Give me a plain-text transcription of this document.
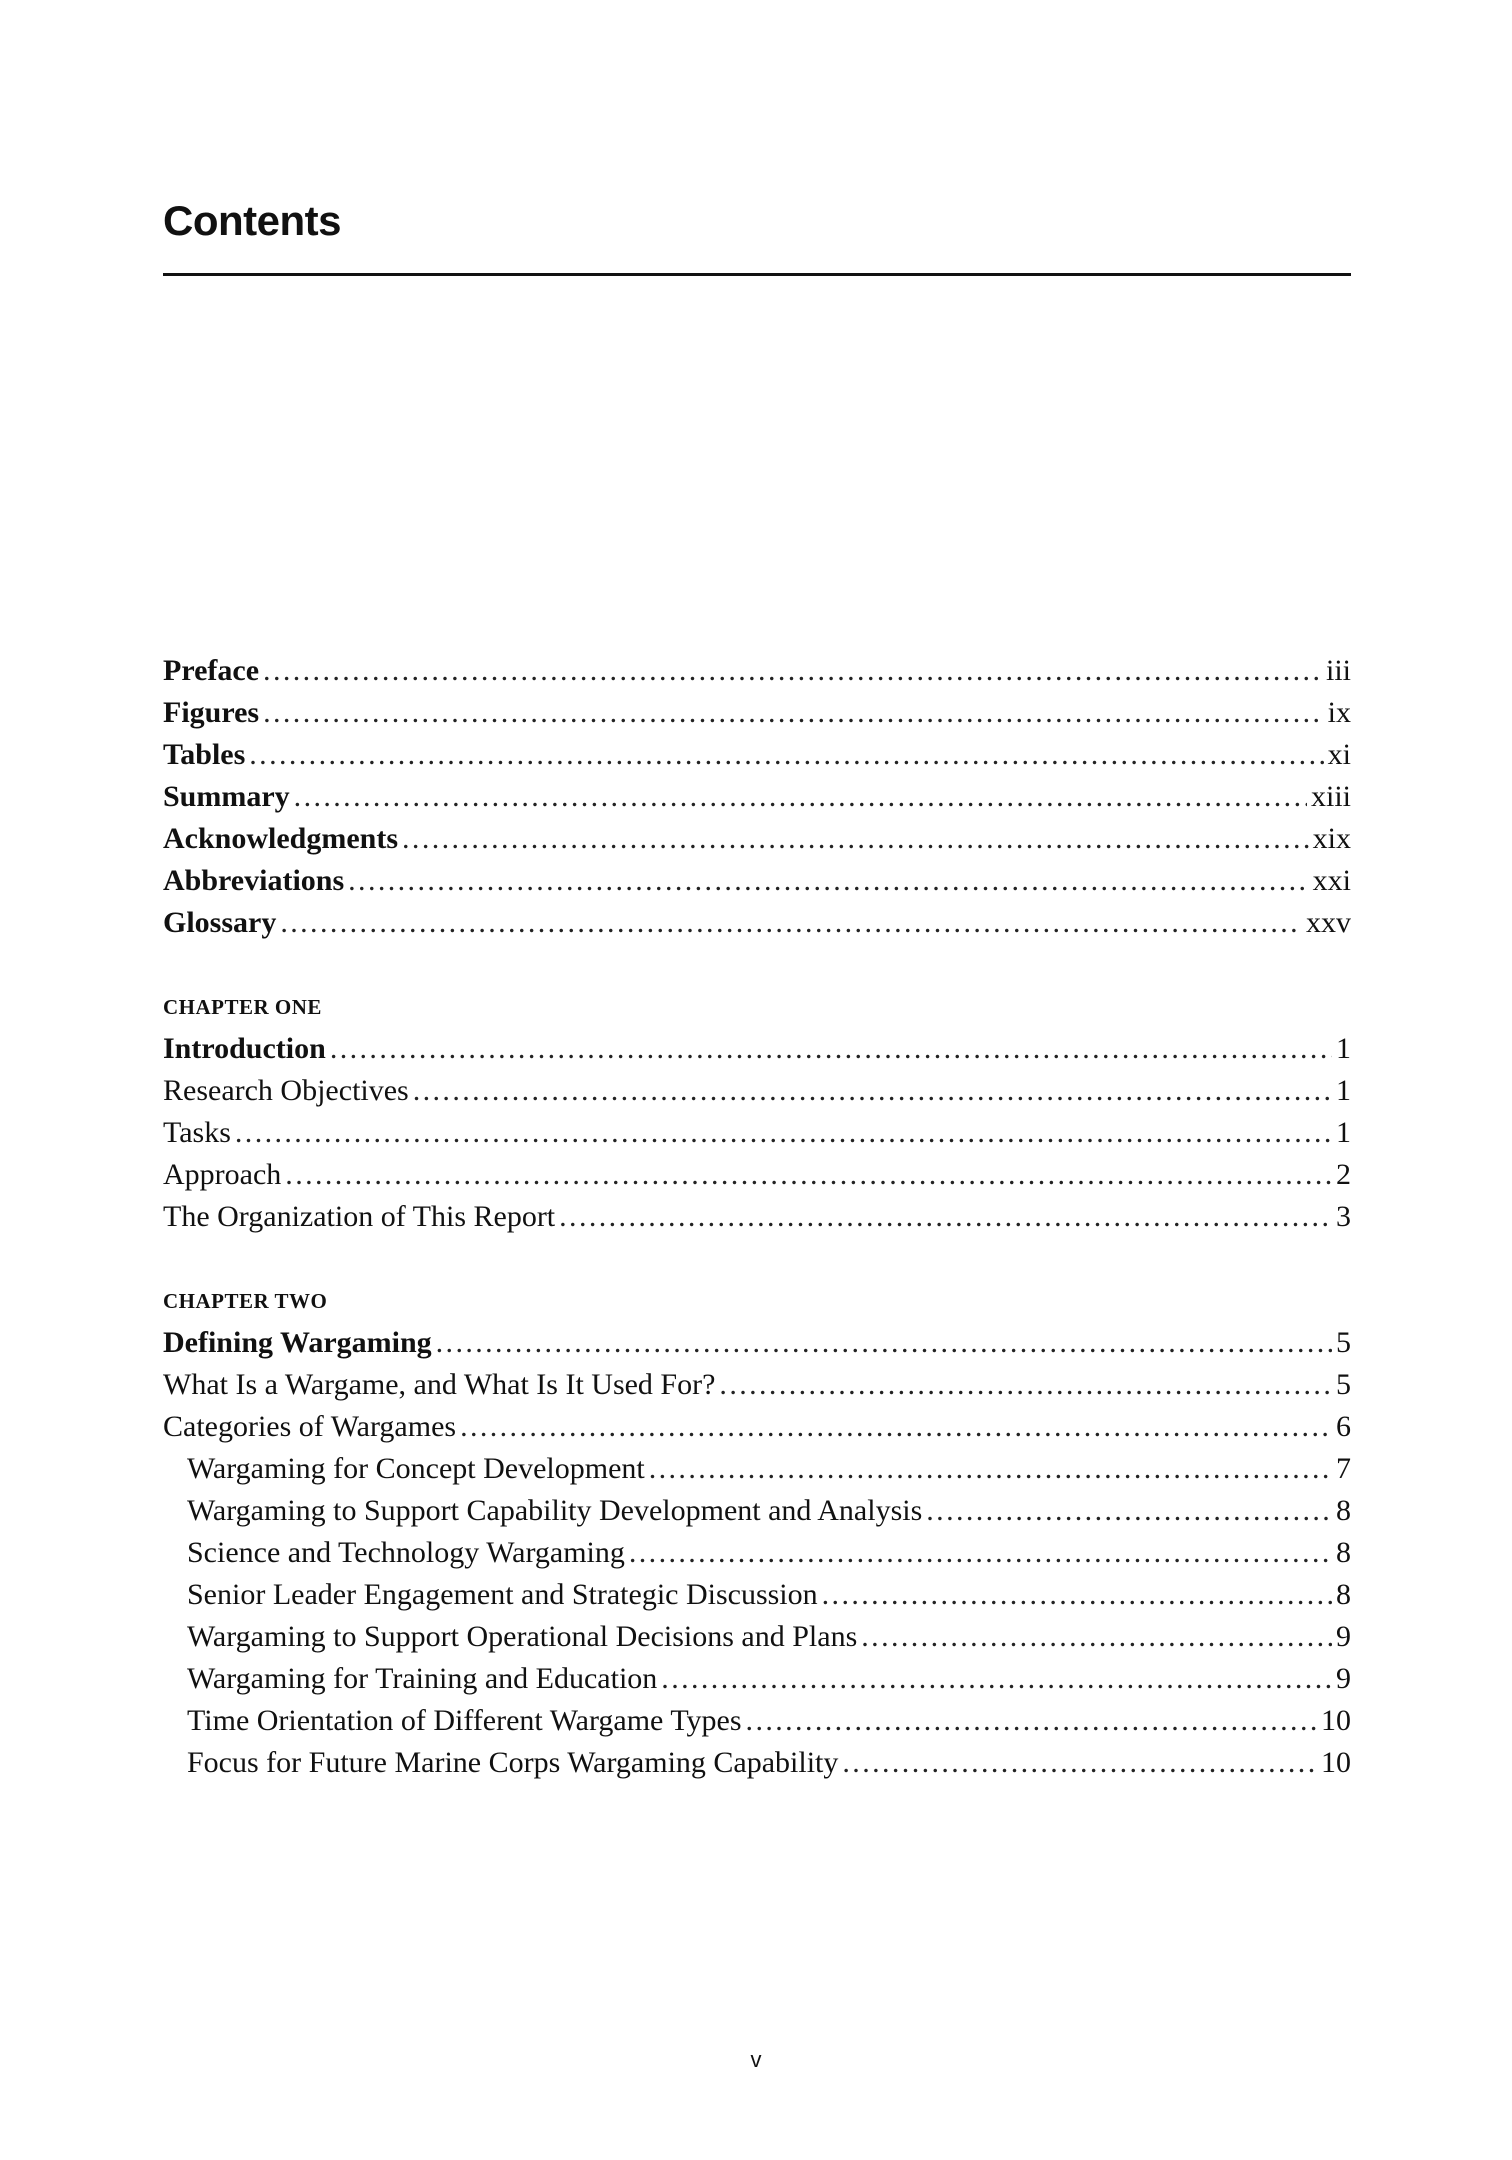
Contents
Preface .....	iii
Figures .....	ix
Tables .....	xi
Summary .....	xiii
Acknowledgments .....	xix
Abbreviations .....	xxi
Glossary .....	xxv
CHAPTER ONE
Introduction .....	1
Research Objectives .....	1
Tasks .....	1
Approach .....	2
The Organization of This Report .....	3
CHAPTER TWO
Defining Wargaming .....	5
What Is a Wargame, and What Is It Used For? .....	5
Categories of Wargames .....	6
Wargaming for Concept Development .....	7
Wargaming to Support Capability Development and Analysis .....	8
Science and Technology Wargaming .....	8
Senior Leader Engagement and Strategic Discussion .....	8
Wargaming to Support Operational Decisions and Plans .....	9
Wargaming for Training and Education .....	9
Time Orientation of Different Wargame Types .....	10
Focus for Future Marine Corps Wargaming Capability .....	10
v
